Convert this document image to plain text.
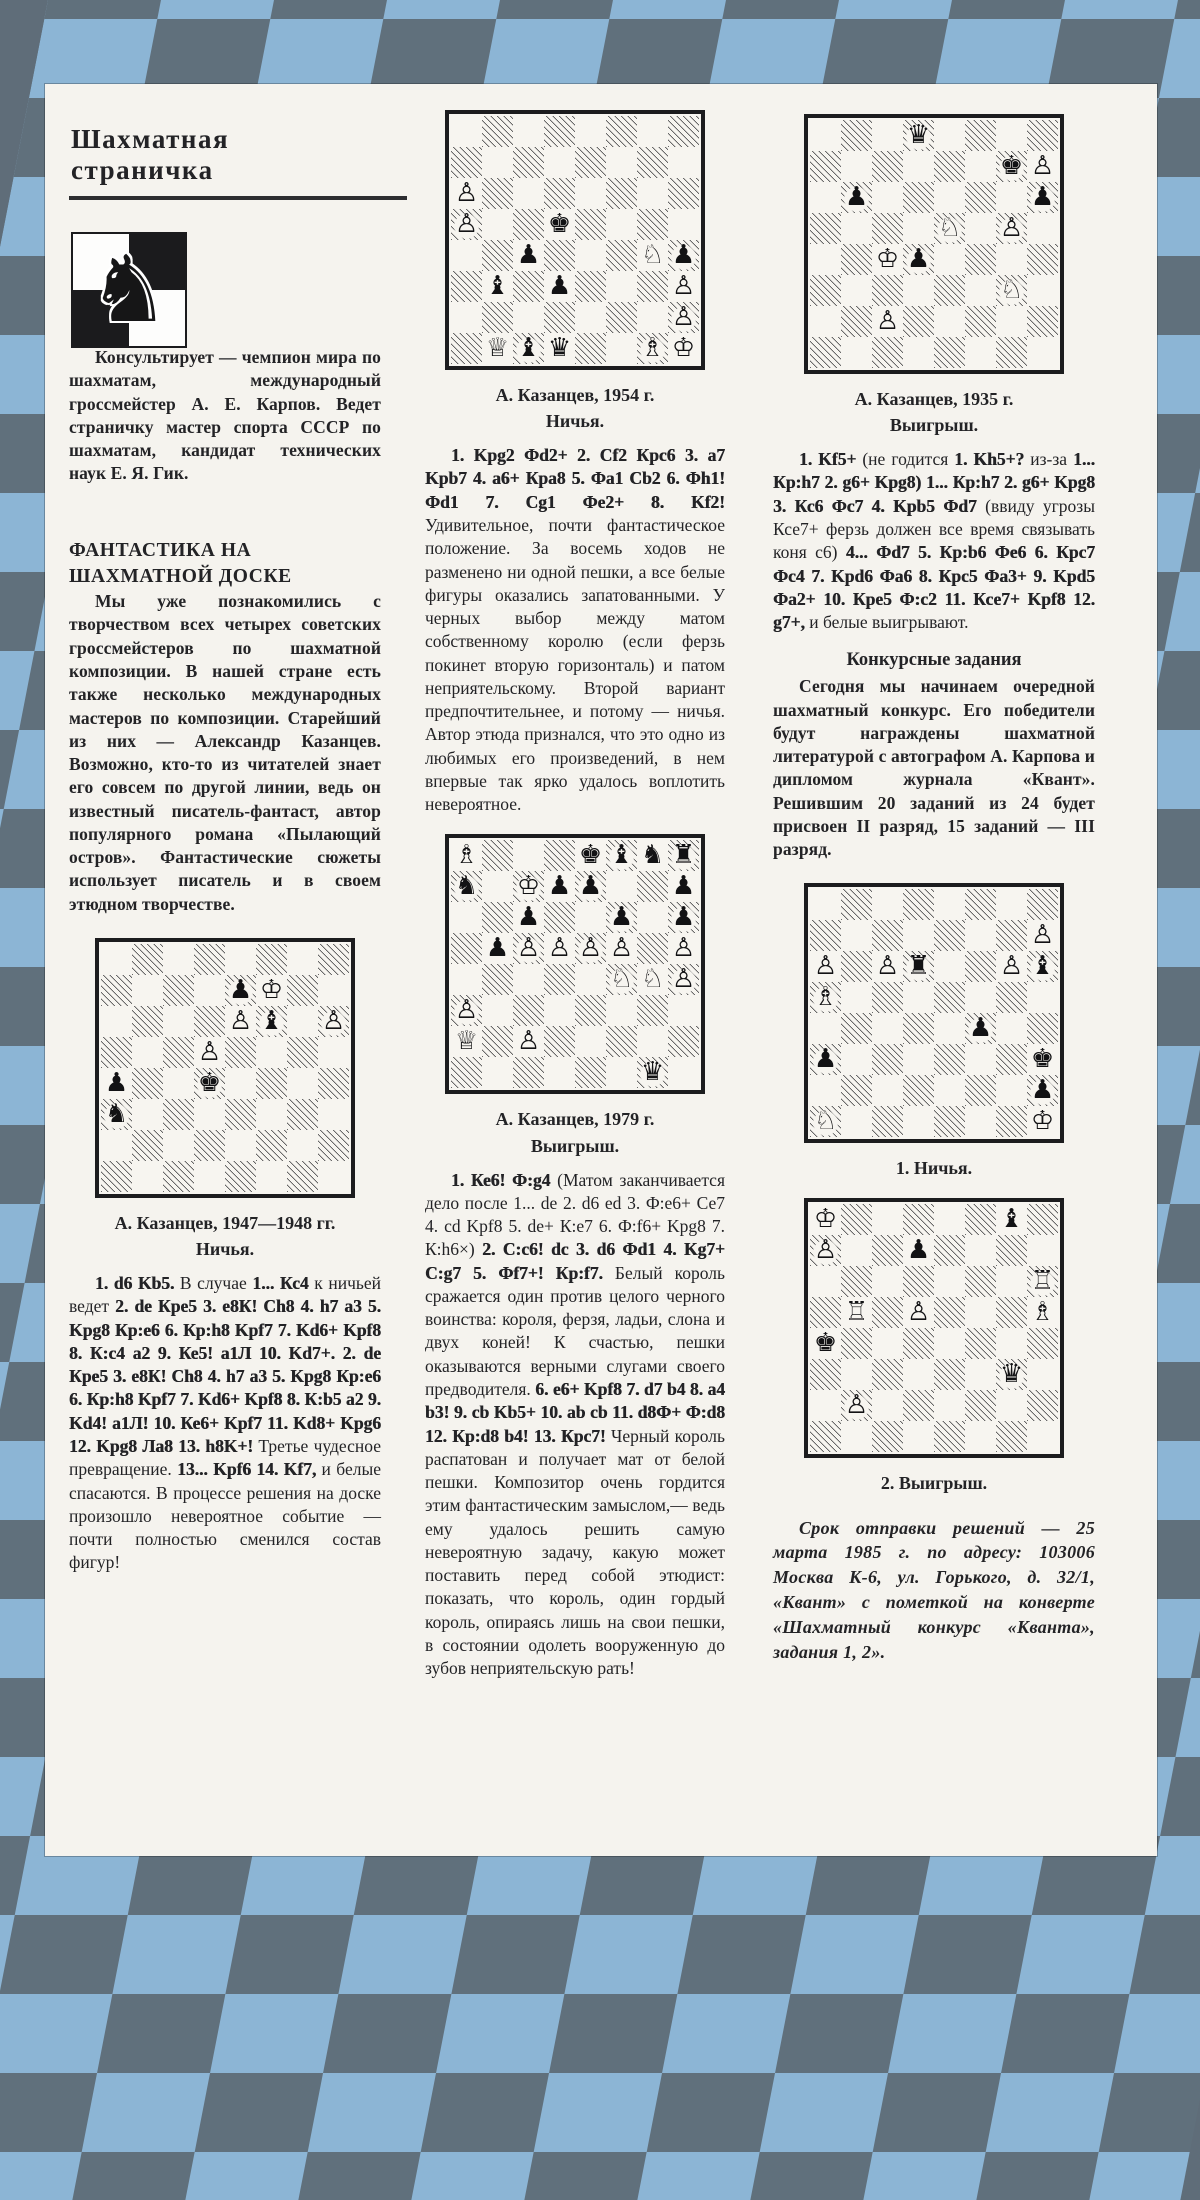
Шахматная страничка
♞

Консультирует — чемпион мира по шахматам, международный гроссмейстер А. Е. Карпов. Ведет страничку мастер спорта СССР по шахматам, кандидат технических наук Е. Я. Гик.

ФАНТАСТИКА НА ШАХМАТНОЙ ДОСКЕ

Мы уже познакомились с творчеством всех четырех советских гроссмейстеров по шахматной композиции. В нашей стране есть также несколько международных мастеров по композиции. Старейший из них — Александр Казанцев. Возможно, кто-то из читателей знает его совсем по другой линии, ведь он известный писатель-фантаст, автор популярного романа «Пылающий остров». Фантастические сюжеты использует писатель и в своем этюдном творчестве.

♟ ♔
♙ ♝ ♙
♙
♟	♚
♞
А. Казанцев, 1947—1948 гг.
Ничья.

1. d6 Kb5. В случае 1... Кс4 к ничьей ведет 2. de Кре5 3. е8К! Ch8 4. h7 а3 5. Kpg8 Кр:е6 6. Кр:h8 Kpf7 7. Kd6+ Kpf8 8. К:с4 а2 9. Ке5! а1Л 10. Kd7+. 2. de Кре5 3. е8К! Ch8 4. h7 а3 5. Kpg8 Кр:е6 6. Кр:h8 Kpf7 7. Kd6+ Kpf8 8. К:b5 а2 9. Kd4! а1Л! 10. Ке6+ Kpf7 11. Kd8+ Kpg6 12. Kpg8 Ла8 13. h8K+! Третье чудесное превращение. 13... Kpf6 14. Kf7, и белые спасаются. В процессе решения на доске произошло невероятное событие — почти полностью сменился состав фигур!

♙
♙	♚
♟	♘ ♟
♝ ♟	♙
♙
♕ ♝ ♛	♗ ♔
А. Казанцев, 1954 г.
Ничья.

1. Kpg2 Фd2+ 2. Cf2 Крс6 3. а7 Kpb7 4. а6+ Кра8 5. Фа1 Cb2 6. Фh1! Фd1 7. Cg1 Фе2+ 8. Kf2! Удивительное, почти фантастическое положение. За восемь ходов не разменено ни одной пешки, а все белые фигуры оказались запатованными. У черных выбор между матом собственному королю (если ферзь покинет вторую горизонталь) и патом неприятельскому. Второй вариант предпочтительнее, и потому — ничья. Автор этюда признался, что это одно из любимых его произведений, в нем впервые так ярко удалось воплотить невероятное.

♗	♚ ♝ ♞ ♜
♞ ♔ ♟ ♟	♟
♟	♟ ♟
♟ ♙ ♙ ♙ ♙ ♙
♘ ♘ ♙
♙
♕ ♙
♛
А. Казанцев, 1979 г.
Выигрыш.

1. Ке6! Ф:g4 (Матом заканчивается дело после 1... de 2. d6 ed 3. Ф:е6+ Се7 4. cd Kpf8 5. de+ К:е7 6. Ф:f6+ Kpg8 7. К:h6×) 2. С:с6! dc 3. d6 Фd1 4. Kg7+ С:g7 5. Фf7+! Кр:f7. Белый король сражается один против целого черного воинства: короля, ферзя, ладьи, слона и двух коней! К счастью, пешки оказываются верными слугами своего предводителя. 6. е6+ Kpf8 7. d7 b4 8. а4 b3! 9. cb Kb5+ 10. ab cb 11. d8Ф+ Ф:d8 12. Кр:d8 b4! 13. Крс7! Черный король распатован и получает мат от белой пешки. Композитор очень гордится этим фантастическим замыслом,— ведь ему удалось решить самую невероятную задачу, какую может поставить перед собой этюдист: показать, что король, один гордый король, опираясь лишь на свои пешки, в состоянии одолеть вооруженную до зубов неприятельскую рать!

♛
♚ ♙
♟	♟
♘ ♙
♔ ♟
♘
♙
А. Казанцев, 1935 г.
Выигрыш.

1. Kf5+ (не годится 1. Kh5+? из-за 1... Кр:h7 2. g6+ Kpg8) 1... Кр:h7 2. g6+ Kpg8 3. Кс6 Фс7 4. Kpb5 Фd7 (ввиду угрозы Ксе7+ ферзь должен все время связывать коня с6) 4... Фd7 5. Кр:b6 Фе6 6. Крс7 Фс4 7. Kpd6 Фа6 8. Крс5 Фа3+ 9. Kpd5 Фа2+ 10. Кре5 Ф:с2 11. Ксе7+ Kpf8 12. g7+, и белые выигрывают.

Конкурсные задания

Сегодня мы начинаем очередной шахматный конкурс. Его победители будут награждены шахматной литературой с автографом А. Карпова и дипломом журнала «Квант». Решившим 20 заданий из 24 будет присвоен II разряд, 15 заданий — III разряд.

♙
♙ ♙ ♜	♙ ♝
♗
♟
♟	♚
♟
♘	♔
1. Ничья.
♔	♝
♙	♟
♖
♖ ♙	♗
♚
♛
♙
2. Выигрыш.

Срок отправки решений — 25 марта 1985 г. по адресу: 103006 Москва К-6, ул. Горького, д. 32/1, «Квант» с пометкой на конверте «Шахматный конкурс «Кванта», задания 1, 2».
